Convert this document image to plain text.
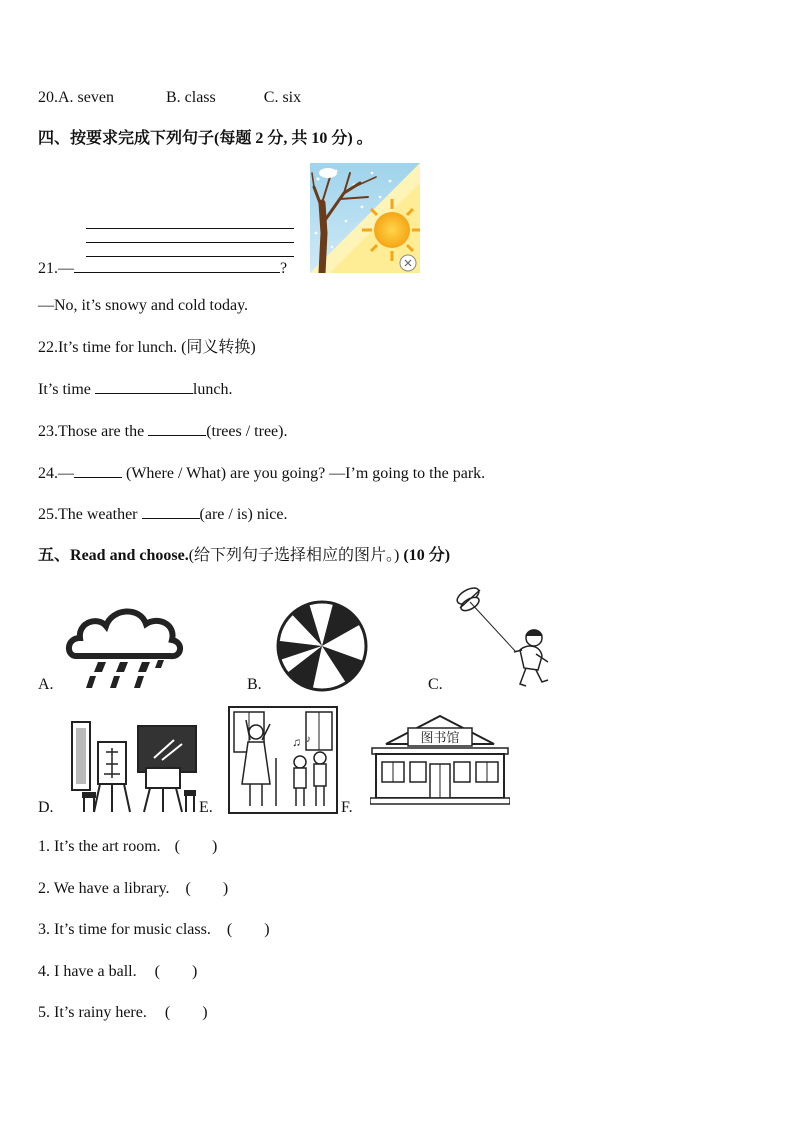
20.A. seven	B. class	C. six
四、按要求完成下列句子(每题 2 分, 共 10 分) 。
21.—	?
—No, it’s snowy and cold today.
22.It’s time for lunch. (同义转换)
It’s time	lunch.
23.Those are the	(trees / tree).
24.—	(Where / What) are you going? —I’m going to the park.
25.The weather	(are / is) nice.
五、Read and choose.(给下列句子选择相应的图片。) (10 分)
A.	B.	C.
D.
♫ ♪
E.
图书馆
F.
1. It’s the art room. (        )
2. We have a library. (        )
3. It’s time for music class. (        )
4. I have a ball. (        )
5. It’s rainy here. (        )
